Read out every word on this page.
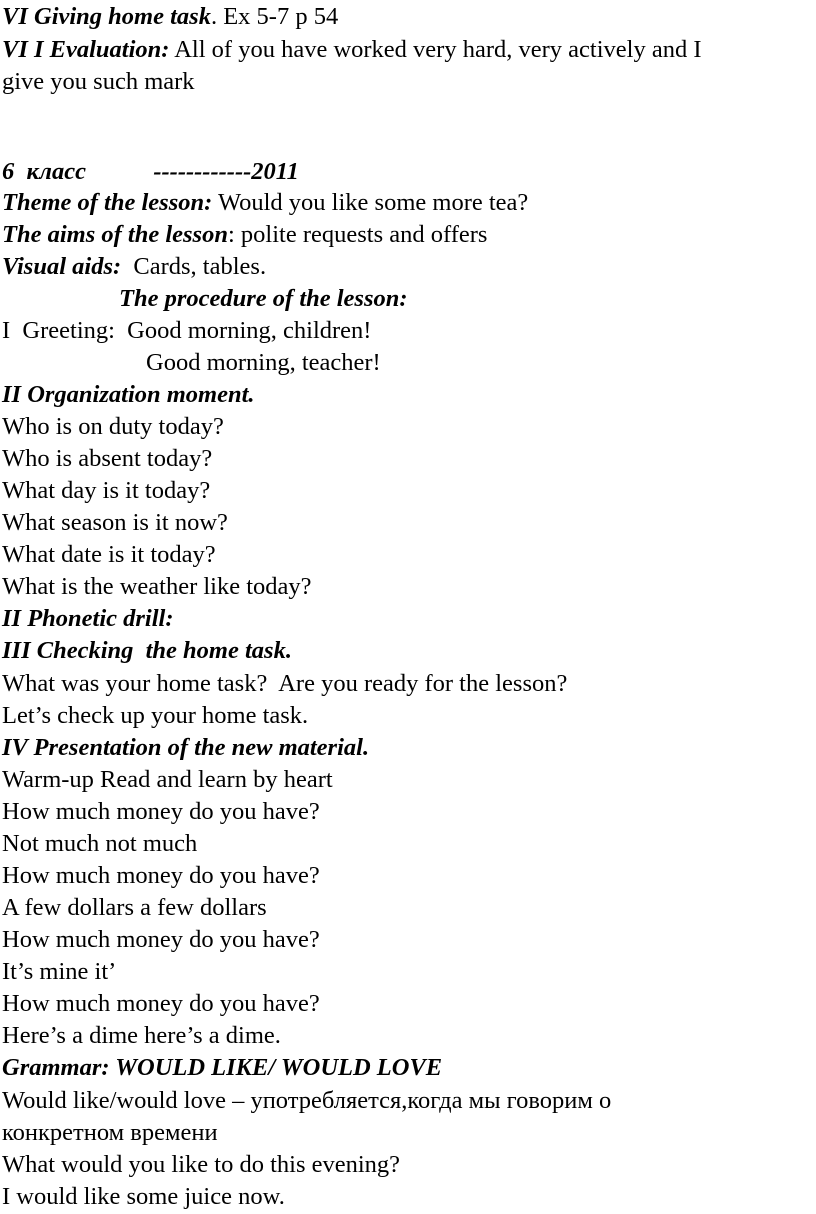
VI Giving home task. Ex 5-7 p 54
VI I Evaluation: All of you have worked very hard, very actively and I
give you such mark
6  класс           ------------2011
Theme of the lesson: Would you like some more tea?
The aims of the lesson: polite requests and offers
Visual aids:  Cards, tables.
The procedure of the lesson:
I  Greeting:  Good morning, children!
Good morning, teacher!
II Organization moment.
Who is on duty today?
Who is absent today?
What day is it today?
What season is it now?
What date is it today?
What is the weather like today?
II Phonetic drill:
III Checking  the home task.
What was your home task?  Are you ready for the lesson?
Let’s check up your home task.
IV Presentation of the new material.
Warm-up Read and learn by heart
How much money do you have?
Not much not much
How much money do you have?
A few dollars a few dollars
How much money do you have?
It’s mine it’
How much money do you have?
Here’s a dime here’s a dime.
Grammar: WOULD LIKE/ WOULD LOVE
Would like/would love – употребляется,когда мы говорим о
конкретном времени
What would you like to do this evening?
I would like some juice now.
